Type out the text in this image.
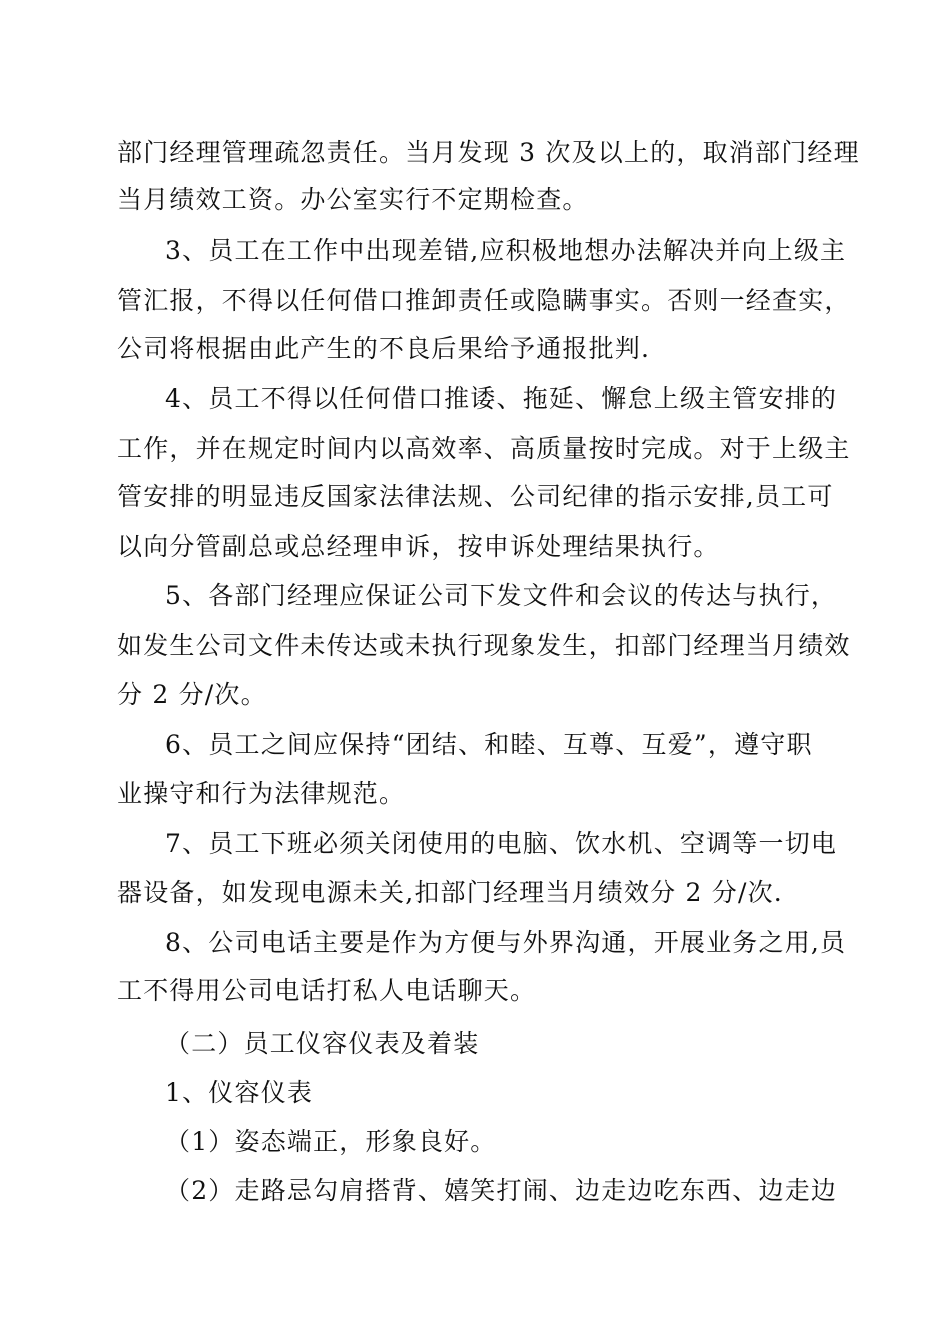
部门经理管理疏忽责任。当月发现 3 次及以上的，取消部门经理
当月绩效工资。办公室实行不定期检查。
3、员工在工作中出现差错,应积极地想办法解决并向上级主
管汇报，不得以任何借口推卸责任或隐瞒事实。否则一经查实，
公司将根据由此产生的不良后果给予通报批判.
4、员工不得以任何借口推诿、拖延、懈怠上级主管安排的
工作，并在规定时间内以高效率、高质量按时完成。对于上级主
管安排的明显违反国家法律法规、公司纪律的指示安排,员工可
以向分管副总或总经理申诉，按申诉处理结果执行。
5、各部门经理应保证公司下发文件和会议的传达与执行，
如发生公司文件未传达或未执行现象发生，扣部门经理当月绩效
分 2 分/次。
6、员工之间应保持“团结、和睦、互尊、互爱”，遵守职
业操守和行为法律规范。
7、员工下班必须关闭使用的电脑、饮水机、空调等一切电
器设备，如发现电源未关,扣部门经理当月绩效分 2 分/次.
8、公司电话主要是作为方便与外界沟通，开展业务之用,员
工不得用公司电话打私人电话聊天。
（二）员工仪容仪表及着装
1、仪容仪表
（1）姿态端正，形象良好。
（2）走路忌勾肩搭背、嬉笑打闹、边走边吃东西、边走边
